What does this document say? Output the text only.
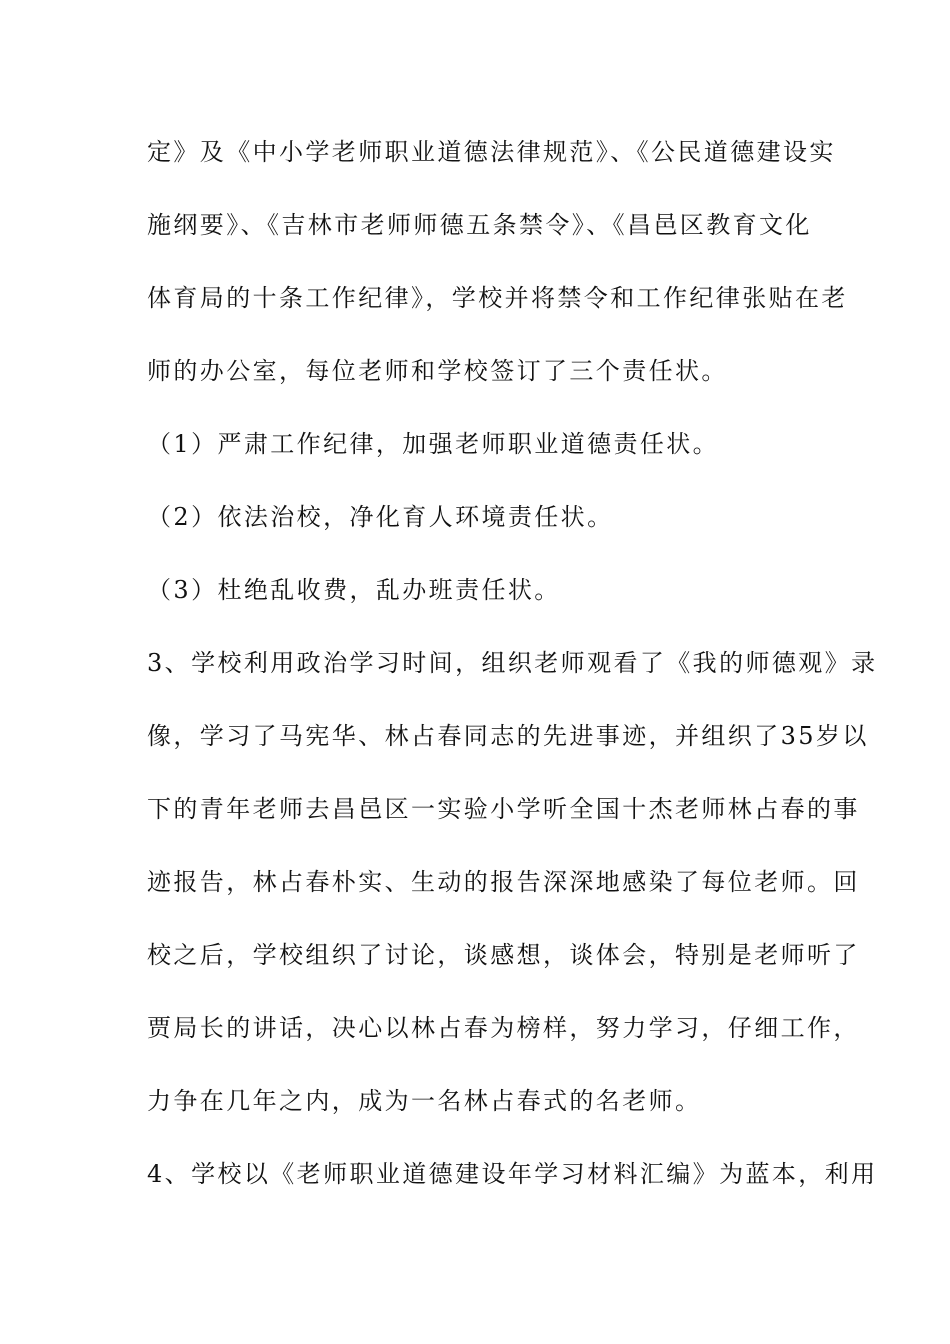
定》及《中小学老师职业道德法律规范》、《公民道德建设实
施纲要》、《吉林市老师师德五条禁令》、《昌邑区教育文化
体育局的十条工作纪律》，学校并将禁令和工作纪律张贴在老
师的办公室，每位老师和学校签订了三个责任状。
（1）严肃工作纪律，加强老师职业道德责任状。
（2）依法治校，净化育人环境责任状。
（3）杜绝乱收费，乱办班责任状。
3、学校利用政治学习时间，组织老师观看了《我的师德观》录
像，学习了马宪华、林占春同志的先进事迹，并组织了35岁以
下的青年老师去昌邑区一实验小学听全国十杰老师林占春的事
迹报告，林占春朴实、生动的报告深深地感染了每位老师。回
校之后，学校组织了讨论，谈感想，谈体会，特别是老师听了
贾局长的讲话，决心以林占春为榜样，努力学习，仔细工作，
力争在几年之内，成为一名林占春式的名老师。
4、学校以《老师职业道德建设年学习材料汇编》为蓝本，利用
